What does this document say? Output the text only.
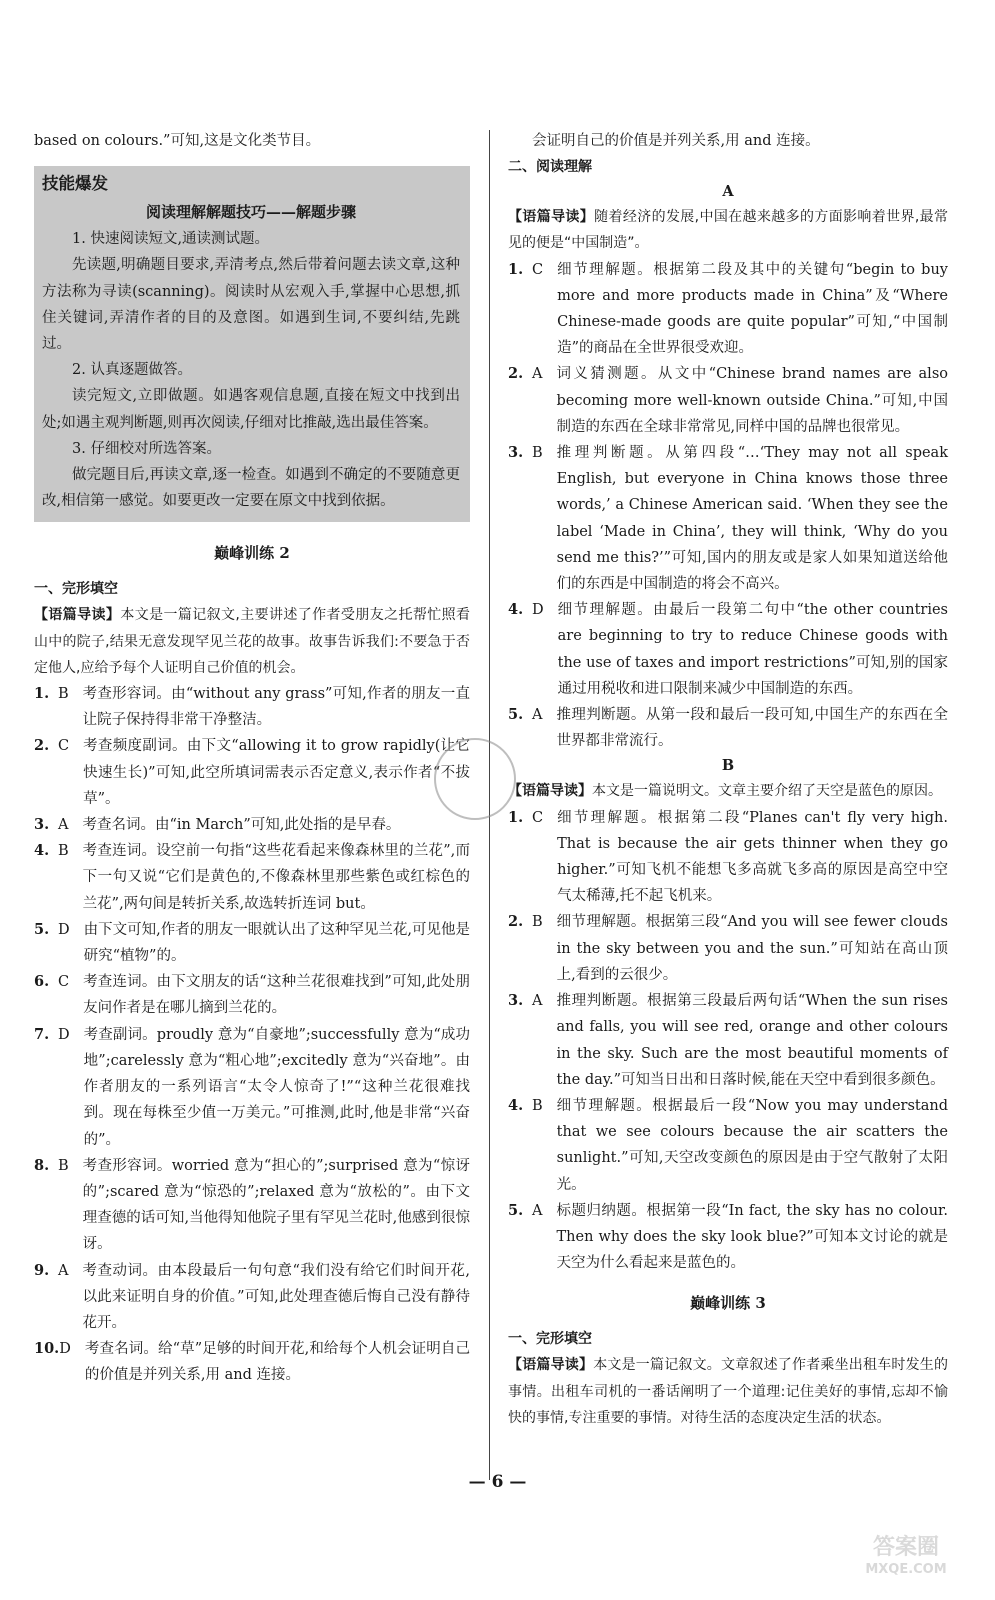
based on colours.”可知,这是文化类节目。

技能爆发
阅读理解解题技巧——解题步骤

1. 快速阅读短文,通读测试题。

先读题,明确题目要求,弄清考点,然后带着问题去读文章,这种方法称为寻读(scanning)。阅读时从宏观入手,掌握中心思想,抓住关键词,弄清作者的目的及意图。如遇到生词,不要纠结,先跳过。

2. 认真逐题做答。

读完短文,立即做题。如遇客观信息题,直接在短文中找到出处;如遇主观判断题,则再次阅读,仔细对比推敲,选出最佳答案。

3. 仔细校对所选答案。

做完题目后,再读文章,逐一检查。如遇到不确定的不要随意更改,相信第一感觉。如要更改一定要在原文中找到依据。

巅峰训练 2
一、完形填空
【语篇导读】本文是一篇记叙文,主要讲述了作者受朋友之托帮忙照看山中的院子,结果无意发现罕见兰花的故事。故事告诉我们:不要急于否定他人,应给予每个人证明自己价值的机会。
1. B 考查形容词。由“without any grass”可知,作者的朋友一直让院子保持得非常干净整洁。
2. C 考查频度副词。由下文“allowing it to grow rapidly(让它快速生长)”可知,此空所填词需表示否定意义,表示作者“不拔草”。
3. A 考查名词。由“in March”可知,此处指的是早春。
4. B 考查连词。设空前一句指“这些花看起来像森林里的兰花”,而下一句又说“它们是黄色的,不像森林里那些紫色或红棕色的兰花”,两句间是转折关系,故选转折连词 but。
5. D 由下文可知,作者的朋友一眼就认出了这种罕见兰花,可见他是研究“植物”的。
6. C 考查连词。由下文朋友的话“这种兰花很难找到”可知,此处朋友问作者是在哪儿摘到兰花的。
7. D 考查副词。proudly 意为“自豪地”;successfully 意为“成功地”;carelessly 意为“粗心地”;excitedly 意为“兴奋地”。由作者朋友的一系列语言“太令人惊奇了!”“这种兰花很难找到。现在每株至少值一万美元。”可推测,此时,他是非常“兴奋的”。
8. B 考查形容词。worried 意为“担心的”;surprised 意为“惊讶的”;scared 意为“惊恐的”;relaxed 意为“放松的”。由下文理查德的话可知,当他得知他院子里有罕见兰花时,他感到很惊讶。
9. A 考查动词。由本段最后一句句意“我们没有给它们时间开花,以此来证明自身的价值。”可知,此处理查德后悔自己没有静待花开。
10. D 考查名词。给“草”足够的时间开花,和给每个人机会证明自己的价值是并列关系,用 and 连接。

会证明自己的价值是并列关系,用 and 连接。

二、阅读理解
A
【语篇导读】随着经济的发展,中国在越来越多的方面影响着世界,最常见的便是“中国制造”。
1. C 细节理解题。根据第二段及其中的关键句“begin to buy more and more products made in China”及“Where Chinese-made goods are quite popular”可知,“中国制造”的商品在全世界很受欢迎。
2. A 词义猜测题。从文中“Chinese brand names are also becoming more well-known outside China.”可知,中国制造的东西在全球非常常见,同样中国的品牌也很常见。
3. B 推理判断题。从第四段“…‘They may not all speak English, but everyone in China knows those three words,’ a Chinese American said. ‘When they see the label ‘Made in China’, they will think, ‘Why do you send me this?’”可知,国内的朋友或是家人如果知道送给他们的东西是中国制造的将会不高兴。
4. D 细节理解题。由最后一段第二句中“the other countries are beginning to try to reduce Chinese goods with the use of taxes and import restrictions”可知,别的国家通过用税收和进口限制来减少中国制造的东西。
5. A 推理判断题。从第一段和最后一段可知,中国生产的东西在全世界都非常流行。
B
【语篇导读】本文是一篇说明文。文章主要介绍了天空是蓝色的原因。
1. C 细节理解题。根据第二段“Planes can't fly very high. That is because the air gets thinner when they go higher.”可知飞机不能想飞多高就飞多高的原因是高空中空气太稀薄,托不起飞机来。
2. B 细节理解题。根据第三段“And you will see fewer clouds in the sky between you and the sun.”可知站在高山顶上,看到的云很少。
3. A 推理判断题。根据第三段最后两句话“When the sun rises and falls, you will see red, orange and other colours in the sky. Such are the most beautiful moments of the day.”可知当日出和日落时候,能在天空中看到很多颜色。
4. B 细节理解题。根据最后一段“Now you may understand that we see colours because the air scatters the sunlight.”可知,天空改变颜色的原因是由于空气散射了太阳光。
5. A 标题归纳题。根据第一段“In fact, the sky has no colour. Then why does the sky look blue?”可知本文讨论的就是天空为什么看起来是蓝色的。
巅峰训练 3
一、完形填空
【语篇导读】本文是一篇记叙文。文章叙述了作者乘坐出租车时发生的事情。出租车司机的一番话阐明了一个道理:记住美好的事情,忘却不愉快的事情,专注重要的事情。对待生活的态度决定生活的状态。
— 6 —
答案圈
MXQE.COM
